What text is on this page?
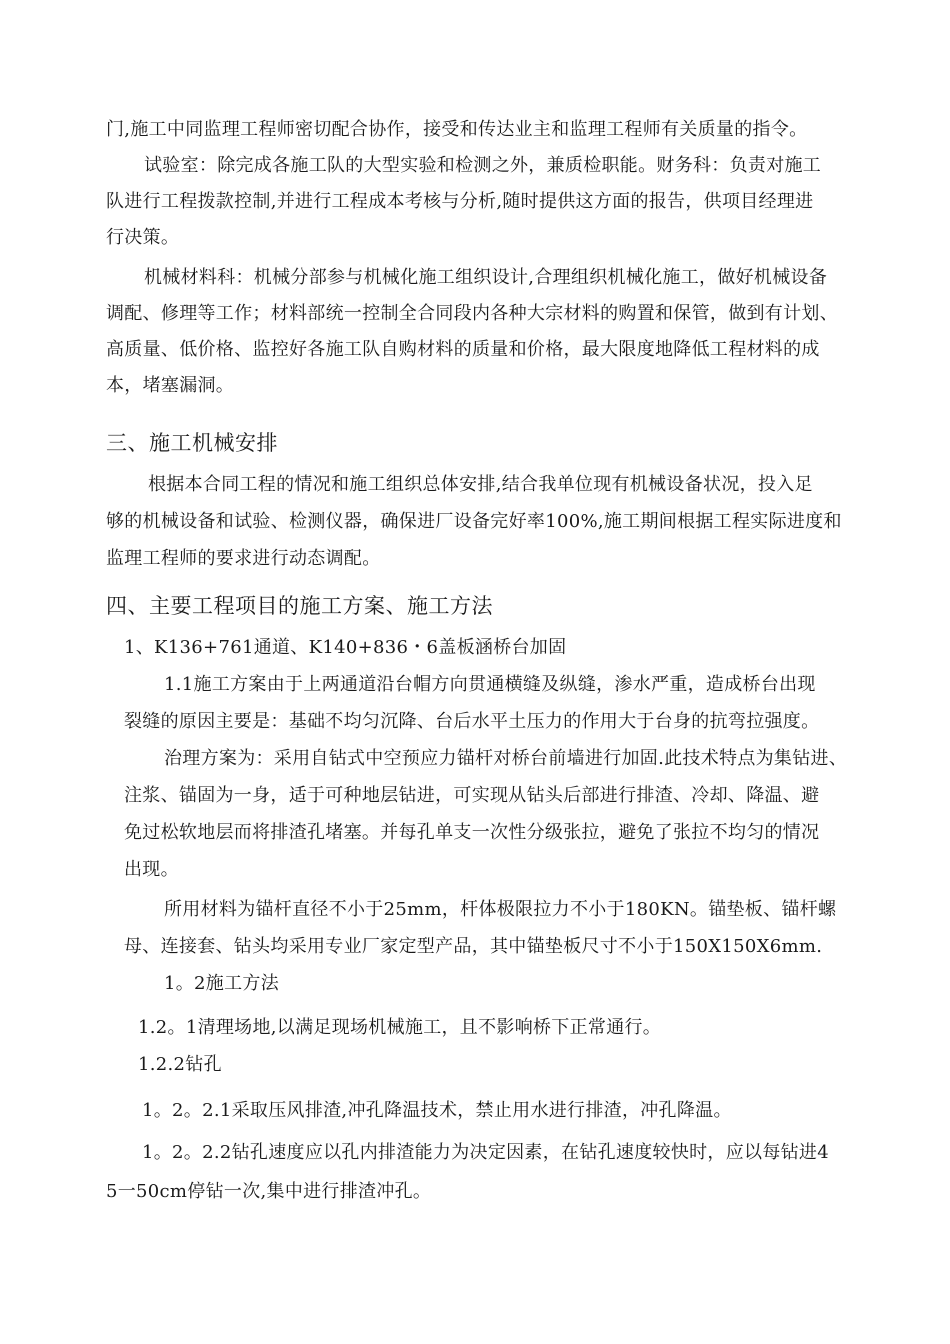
门,施工中同监理工程师密切配合协作，接受和传达业主和监理工程师有关质量的指令。
试验室：除完成各施工队的大型实验和检测之外，兼质检职能。财务科：负责对施工
队进行工程拨款控制,并进行工程成本考核与分析,随时提供这方面的报告，供项目经理进
行决策。
机械材料科：机械分部参与机械化施工组织设计,合理组织机械化施工，做好机械设备
调配、修理等工作；材料部统一控制全合同段内各种大宗材料的购置和保管，做到有计划、
高质量、低价格、监控好各施工队自购材料的质量和价格，最大限度地降低工程材料的成
本，堵塞漏洞。
三、施工机械安排
根据本合同工程的情况和施工组织总体安排,结合我单位现有机械设备状况，投入足
够的机械设备和试验、检测仪器，确保进厂设备完好率100%,施工期间根据工程实际进度和
监理工程师的要求进行动态调配。
四、主要工程项目的施工方案、施工方法
1、K136+761通道、K140+836・6盖板涵桥台加固
1.1施工方案由于上两通道沿台帽方向贯通横缝及纵缝，渗水严重，造成桥台出现
裂缝的原因主要是：基础不均匀沉降、台后水平土压力的作用大于台身的抗弯拉强度。
治理方案为：采用自钻式中空预应力锚杆对桥台前墙进行加固.此技术特点为集钻进、
注浆、锚固为一身，适于可种地层钻进，可实现从钻头后部进行排渣、冷却、降温、避
免过松软地层而将排渣孔堵塞。并每孔单支一次性分级张拉，避免了张拉不均匀的情况
出现。
所用材料为锚杆直径不小于25mm，杆体极限拉力不小于180KN。锚垫板、锚杆螺
母、连接套、钻头均采用专业厂家定型产品，其中锚垫板尺寸不小于150X150X6mm.
1。2施工方法
1.2。1清理场地,以满足现场机械施工，且不影响桥下正常通行。
1.2.2钻孔
1。2。2.1采取压风排渣,冲孔降温技术，禁止用水进行排渣，冲孔降温。
1。2。2.2钻孔速度应以孔内排渣能力为决定因素，在钻孔速度较快时，应以每钻进4
5一50cm停钻一次,集中进行排渣冲孔。
